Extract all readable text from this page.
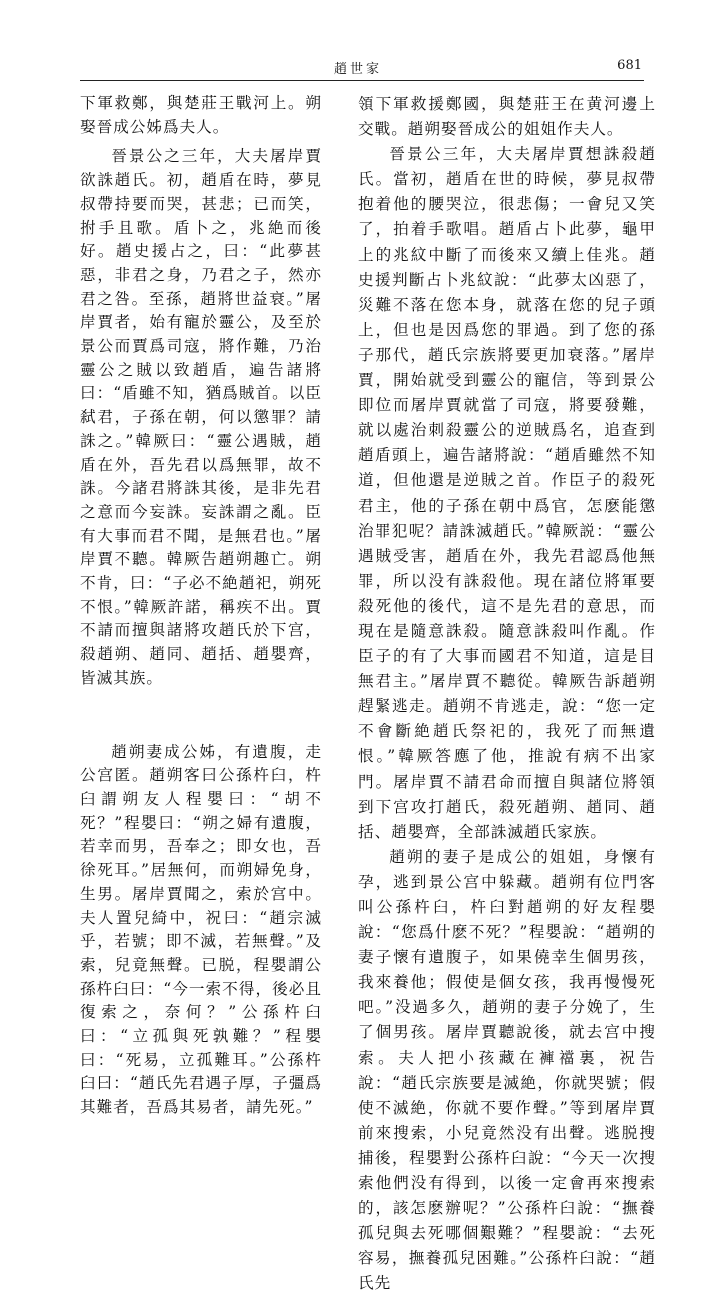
趙世家	681

下軍救鄭，與楚莊王戰河上。朔娶晉成公姊爲夫人。

晉景公之三年，大夫屠岸賈欲誅趙氏。初，趙盾在時，夢見叔帶持要而哭，甚悲；已而笑，拊手且歌。盾卜之，兆絶而後好。趙史援占之，曰：“此夢甚惡，非君之身，乃君之子，然亦君之咎。至孫，趙將世益衰。”屠岸賈者，始有寵於靈公，及至於景公而賈爲司寇，將作難，乃治靈公之賊以致趙盾，遍告諸將曰：“盾雖不知，猶爲賊首。以臣弑君，子孫在朝，何以懲罪？請誅之。”韓厥曰：“靈公遇賊，趙盾在外，吾先君以爲無罪，故不誅。今諸君將誅其後，是非先君之意而今妄誅。妄誅謂之亂。臣有大事而君不聞，是無君也。”屠岸賈不聽。韓厥告趙朔趣亡。朔不肯，曰：“子必不絶趙祀，朔死不恨。”韓厥許諾，稱疾不出。賈不請而擅與諸將攻趙氏於下宫，殺趙朔、趙同、趙括、趙嬰齊，皆滅其族。

趙朔妻成公姊，有遺腹，走公宫匿。趙朔客曰公孫杵臼，杵臼謂朔友人程嬰曰：“胡不死？”程嬰曰：“朔之婦有遺腹，若幸而男，吾奉之；即女也，吾徐死耳。”居無何，而朔婦免身，生男。屠岸賈聞之，索於宫中。夫人置兒綺中，祝曰：“趙宗滅乎，若號；即不滅，若無聲。”及索，兒竟無聲。已脱，程嬰謂公孫杵臼曰：“今一索不得，後必且復索之，奈何？”公孫杵臼曰：“立孤與死孰難？”程嬰曰：“死易，立孤難耳。”公孫杵臼曰：“趙氏先君遇子厚，子彊爲其難者，吾爲其易者，請先死。”

領下軍救援鄭國，與楚莊王在黄河邊上交戰。趙朔娶晉成公的姐姐作夫人。

晉景公三年，大夫屠岸賈想誅殺趙氏。當初，趙盾在世的時候，夢見叔帶抱着他的腰哭泣，很悲傷；一會兒又笑了，拍着手歌唱。趙盾占卜此夢，龜甲上的兆紋中斷了而後來又續上佳兆。趙史援判斷占卜兆紋說：“此夢太凶惡了，災難不落在您本身，就落在您的兒子頭上，但也是因爲您的罪過。到了您的孫子那代，趙氏宗族將要更加衰落。”屠岸賈，開始就受到靈公的寵信，等到景公即位而屠岸賈就當了司寇，將要發難，就以處治刺殺靈公的逆賊爲名，追查到趙盾頭上，遍告諸將說：“趙盾雖然不知道，但他還是逆賊之首。作臣子的殺死君主，他的子孫在朝中爲官，怎麽能懲治罪犯呢？請誅滅趙氏。”韓厥説：“靈公遇賊受害，趙盾在外，我先君認爲他無罪，所以没有誅殺他。現在諸位將軍要殺死他的後代，這不是先君的意思，而現在是隨意誅殺。隨意誅殺叫作亂。作臣子的有了大事而國君不知道，這是目無君主。”屠岸賈不聽從。韓厥告訴趙朔趕緊逃走。趙朔不肯逃走，說：“您一定不會斷絶趙氏祭祀的，我死了而無遺恨。”韓厥答應了他，推說有病不出家門。屠岸賈不請君命而擅自與諸位將領到下宫攻打趙氏，殺死趙朔、趙同、趙括、趙嬰齊，全部誅滅趙氏家族。

趙朔的妻子是成公的姐姐，身懷有孕，逃到景公宫中躲藏。趙朔有位門客叫公孫杵臼，杵臼對趙朔的好友程嬰說：“您爲什麽不死？”程嬰說：“趙朔的妻子懷有遺腹子，如果僥幸生個男孩，我來養他；假使是個女孩，我再慢慢死吧。”没過多久，趙朔的妻子分娩了，生了個男孩。屠岸賈聽說後，就去宫中搜索。夫人把小孩藏在褲襠裏，祝告說：“趙氏宗族要是滅絶，你就哭號；假使不滅絶，你就不要作聲。”等到屠岸賈前來搜索，小兒竟然没有出聲。逃脱搜捕後，程嬰對公孫杵臼說：“今天一次搜索他們没有得到，以後一定會再來搜索的，該怎麽辦呢？”公孫杵臼說：“撫養孤兒與去死哪個艱難？”程嬰說：“去死容易，撫養孤兒困難。”公孫杵臼說：“趙氏先
